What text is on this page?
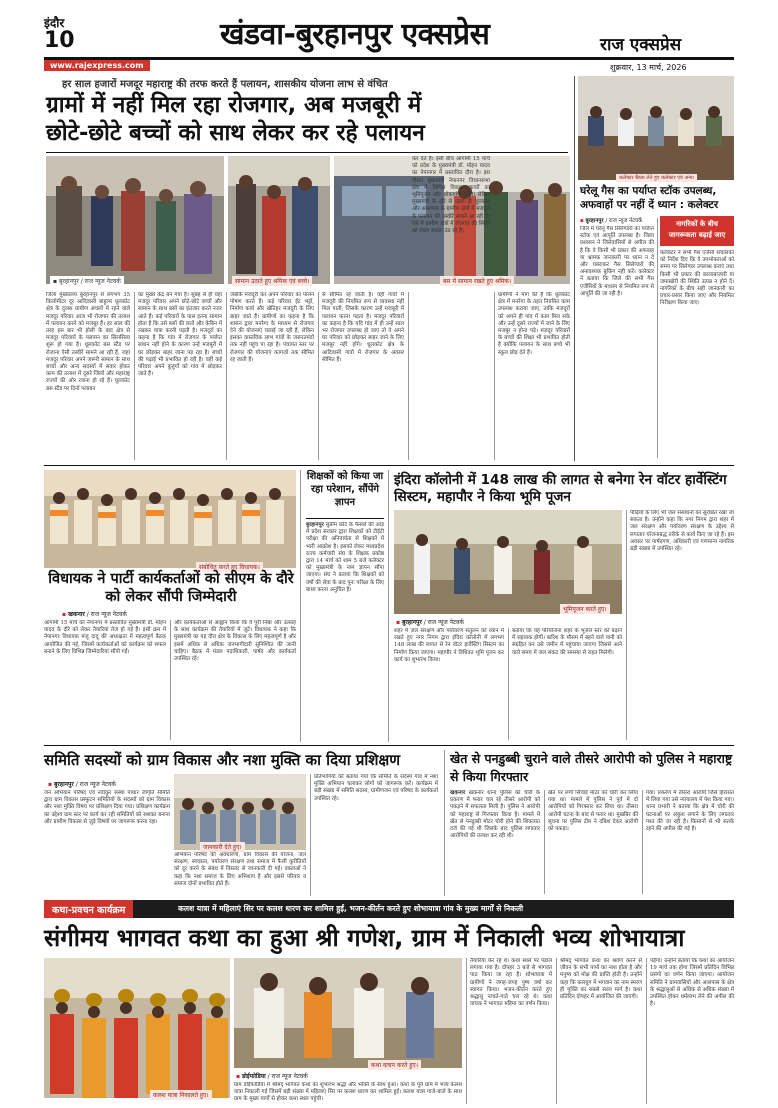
इंदौर
10	खंडवा-बुरहानपुर एक्सप्रेस	राज एक्सप्रेस
www.rajexpress.com	शुक्रवार, 13 मार्च, 2026
हर साल हजारों मजदूर महाराष्ट्र की तरफ करते हैं पलायन, शासकीय योजना लाभ से वंचित
ग्रामों में नहीं मिल रहा रोजगार, अब मजबूरी में
छोटे-छोटे बच्चों को साथ लेकर कर रहे पलायन
▪ बुरहानपुर / राज न्यूज नेटवर्क	सामान उठाते हुए श्रमिक एवं बच्चे।	बस में सामान रखते हुए श्रमिक।
जिला मुख्यालय बुरहानपुर से लगभग 35 किलोमीटर दूर आदिवासी बाहुल्य धूलकोट क्षेत्र के दुरस्थ ग्रामीण अंचलों में रहने वाले मजदूर परिवार आज भी रोजगार की तलाश में पलायन करने को मजबूर हैं। हर साल की तरह इस बार भी होली के बाद क्षेत्र से मजदूर परिवारों के पलायन का सिलसिला शुरू हो गया है। धूलकोट बस स्टैंड पर रोजाना ऐसी तस्वीरें सामने आ रही हैं, जहां मजदूर परिवार अपने जरूरी सामान के साथ बच्चों और अन्य सदस्यों में सवार होकर काम की तलाश में दूसरे जिलों और महाराष्ट्र राज्यों की ओर रवाना हो रहे हैं। धूलकोट बस स्टैंड पर दिनों पलायन
का मुख्य केंद्र बन गया है। सुबह से ही यहां मजदूर परिवार अपने छोटे-छोटे बच्चों और सामान के साथ बसों का इंतजार करते नजर आते हैं। कई परिवारों के पास इतना सामान होता है कि उसे बसों की छतों और केबिन में रखकर यात्रा करनी पड़ती है। मजदूरों का कहना है कि गांव में रोजगार के पर्याप्त साधन नहीं होने के कारण उन्हें मजबूरी में घर छोड़कर बाहर जाना पड़ रहा है। बच्चों की पढ़ाई भी प्रभावित हो रही है। वहीं कई परिवार अपने बुजुर्गों को गांव में छोड़कर जाते हैं।
जबकि मजदूरी कर अपने परिवार का पालन पोषण करते हैं। कई परिवार ईंट भट्टों, निर्माण कार्य और खेतिहर मजदूरी के लिए बाहर जाते हैं। ग्रामीणों का कहना है कि शासन द्वारा मनरेगा के माध्यम से रोजगार देने की योजनाएं चलाई जा रही हैं, लेकिन इसका वास्तविक लाभ गांवों के जरूरतमंदों तक नहीं पहुंच पा रहा है। पंचायत स्तर पर रोजगार की योजनाएं कागजों तक सीमित रह जाती हैं।
से सीमित रह जाती हैं। वहीं गांवों में मजदूरी की नियमित रूप से व्यवस्था नहीं मिल पाती, जिसके कारण उन्हें मजबूरी में पलायन करना पड़ता है। मजदूर परिवारों का कहना है कि यदि गांव में ही उन्हें साल भर रोजगार उपलब्ध हो जाए तो वे अपने घर परिवार को छोड़कर बाहर जाने के लिए मजबूर नहीं होंगे। धूलकोट क्षेत्र के आदिवासी गांवों में रोजगार के अवसर सीमित हैं।
कर देते हैं। इसी बीच आगामी 15 मार्च को प्रदेश के मुख्यमंत्री डॉ. मोहन यादव का नेपानगर में प्रस्तावित दौरा है। इस दौरान मुख्यमंत्री नेपानगर विधानसभा क्षेत्र में विभिन्न विकास कार्यों का भूमिपूजन और लोकार्पण करेंगे। लेकिन मुख्यमंत्री के दौरे से पहले ही धूलकोट और आसपास के ग्रामीण क्षेत्रों में मजदूरों के पलायन की तस्वीरें सामने आ रही हैं। ऐसे में ग्रामीण क्षेत्रों में रोजगार की स्थिति को लेकर सवाल उठ रहे हैं।
ग्रामीणों ने मांग की है कि धूलकोट क्षेत्र में मनरेगा के तहत नियमित काम उपलब्ध कराया जाए, ताकि मजदूरों को अपने ही गांव में काम मिल सके और उन्हें दूसरे राज्यों में जाने के लिए मजबूर न होना पड़े। मजदूर परिवारों के बच्चों की शिक्षा भी प्रभावित होती है क्योंकि पलायन के साथ बच्चे भी स्कूल छोड़ देते हैं।
कलेक्टर बैठक लेते हुए कलेक्टर एवं अन्य।
घरेलू गैस का पर्याप्त स्टॉक उपलब्ध, अफवाहों पर नहीं दें ध्यान : कलेक्टर
▪ बुरहानपुर / राज न्यूज नेटवर्क
जिले में घरेलू गैस सिलेण्डरों का पर्याप्त स्टॉक एवं आपूर्ति उपलब्ध है। जिला प्रशासन ने जिलेवासियों से अपील की है कि वे किसी भी प्रकार की अफवाह या भ्रामक जानकारी पर ध्यान न दें और घबराकर गैस सिलेण्डरों की अनावश्यक बुकिंग नहीं करें। कलेक्टर ने बताया कि जिले की सभी गैस एजेंसियों के माध्यम से नियमित रूप से आपूर्ति की जा रही है।
नागरिकों के बीच जागरूकता बढ़ाई जाए
कलेक्टर ने सभी गैस एजेंसी संचालकों को निर्देश दिए कि वे उपभोक्ताओं को समय पर सिलेण्डर उपलब्ध कराएं तथा किसी भी प्रकार की कालाबाजारी या जमाखोरी की स्थिति उत्पन्न न होने दें। नागरिकों के बीच सही जानकारी का प्रचार-प्रसार किया जाए और नियमित निरीक्षण किया जाए।
संबोधित करते हुए विधायक।
विधायक ने पार्टी कार्यकर्ताओं को सीएम के दौरे को लेकर सौंपी जिम्मेदारी
▪ खकनार / राज न्यूज नेटवर्क
आगामी 15 मार्च को नेपानगर में प्रस्तावित मुख्यमंत्री डॉ. मोहन यादव के दौरे को लेकर तैयारियां तेज हो गई हैं। इसी क्रम में नेपानगर विधायक मंजू दादू की अध्यक्षता में महत्वपूर्ण बैठक आयोजित की गई, जिसमें कार्यकर्ताओं को कार्यक्रम को सफल बनाने के लिए विभिन्न जिम्मेदारियां सौंपी गईं।
और कार्यकर्ताओं से आह्वान किया कि वे पूरी निष्ठा और उत्साह के साथ कार्यक्रम की तैयारियों में जुटें। विधायक ने कहा कि मुख्यमंत्री का यह दौरा क्षेत्र के विकास के लिए महत्वपूर्ण है और इसमें अधिक से अधिक जनभागीदारी सुनिश्चित की जानी चाहिए। बैठक में मंडल पदाधिकारी, पार्षद और कार्यकर्ता उपस्थित रहे।
शिक्षकों को किया जा रहा परेशान, सौंपेंगे ज्ञापन
बुरहानपुर सुप्रीम कोर्ट के फैसले की आड़ में प्रदेश सरकार द्वारा शिक्षकों को टीईटी परीक्षा की अनिवार्यता से शिक्षकों में भारी आक्रोश है। इसको लेकर मध्यप्रदेश राज्य कर्मचारी संघ के शिक्षक प्रकोष्ठ द्वारा 14 मार्च को शाम 5 बजे कलेक्टर को मुख्यमंत्री के नाम ज्ञापन सौंपा जाएगा। संघ ने बताया कि शिक्षकों को वर्षों की सेवा के बाद पुनः परीक्षा के लिए बाध्य करना अनुचित है।
इंदिरा कॉलोनी में 148 लाख की लागत से बनेगा रेन वॉटर हार्वेस्टिंग सिस्टम, महापौर ने किया भूमि पूजन
भूमिपूजन करते हुए।
▪ बुरहानपुर / राज न्यूज नेटवर्क
शहर में जल संरक्षण और पर्यावरण संतुलन को ध्यान में रखते हुए नगर निगम द्वारा इंदिरा कॉलोनी में लगभग 148 लाख की लागत से रेन वॉटर हार्वेस्टिंग सिस्टम का निर्माण किया जाएगा। महापौर ने विधिवत भूमि पूजन कर कार्य का शुभारंभ किया।
बताया कि यह परियोजना शहर के भूजल स्तर को बढ़ाने में सहायक होगी। बारिश के मौसम में बहने वाले पानी को संग्रहित कर उसे जमीन में पहुंचाया जाएगा जिससे आने वाले समय में जल संकट की समस्या से राहत मिलेगी।
पीढ़ियों के लिए भी जल संसाधनों को सुरक्षित रखा जा सकता है। उन्होंने कहा कि नगर निगम द्वारा शहर में जल संरक्षण और पर्यावरण संरक्षण के उद्देश्य से लगातार योजनाबद्ध तरीके से कार्य किए जा रहे हैं। इस अवसर पर पार्षदगण, अधिकारी एवं गणमान्य नागरिक बड़ी संख्या में उपस्थित रहे।
समिति सदस्यों को ग्राम विकास और नशा मुक्ति का दिया प्रशिक्षण
▪ बुरहानपुर / राज न्यूज नेटवर्क
जन अभियान परिषद एवं नवांकुर संस्था पांधार जागृति समिति द्वारा ग्राम विकास प्रस्फुटन समितियों के सदस्यों को ग्राम विकास और नशा मुक्ति विषय पर प्रशिक्षण दिया गया। प्रशिक्षण कार्यक्रम का उद्देश्य ग्राम स्तर पर कार्य कर रही समितियों को सशक्त बनाना और ग्रामीण विकास से जुड़े विषयों पर जागरूक करना रहा।
जानकारी देते हुए।
अभियान परिषद की अवधारणा, ग्राम विकास की योजना, जल संरक्षण, स्वच्छता, पर्यावरण संरक्षण तथा समाज में फैली कुरीतियों को दूर करने के संबंध में विस्तार से जानकारी दी गई। वक्ताओं ने कहा कि नशा समाज के लिए अभिशाप है और इससे परिवार व समाज दोनों प्रभावित होते हैं।
प्रतिभागियों को बताया गया कि समिति के सदस्य गांव में नशा मुक्ति अभियान चलाकर लोगों को जागरूक करें। कार्यक्रम में बड़ी संख्या में समिति सदस्य, ग्रामीणजन एवं परिषद के कार्यकर्ता उपस्थित रहे।
खेत से पनडुब्बी चुराने वाले तीसरे आरोपी को पुलिस ने महाराष्ट्र से किया गिरफ्तार
खकनार खकनार थाना पुलिस को चोरी के प्रकरण में फरार चल रहे तीसरे आरोपी को पकड़ने में सफलता मिली है। पुलिस ने आरोपी को महाराष्ट्र से गिरफ्तार किया है। मामले में खेत से पनडुब्बी मोटर चोरी होने की शिकायत दर्ज की गई थी जिसके बाद पुलिस लगातार आरोपियों की तलाश कर रही थी।
खेत पर लगी सिंचाई मोटर को चोरी कर लिया गया था। मामले में पुलिस ने पूर्व में दो आरोपियों को गिरफ्तार कर लिया था। तीसरा आरोपी घटना के बाद से फरार था। मुखबिर की सूचना पर पुलिस टीम ने दबिश देकर आरोपी को पकड़ा।
गया। प्रकरण में तीसरा आरोपी जिसे हिरासत में लिया गया उसे न्यायालय में पेश किया गया। थाना प्रभारी ने बताया कि क्षेत्र में चोरी की घटनाओं पर अंकुश लगाने के लिए लगातार गश्त की जा रही है। किसानों से भी सतर्क रहने की अपील की गई है।
कथा-प्रवचन कार्यक्रम	कलश यात्रा में महिलाएं सिर पर कलश धारण कर शामिल हुईं, भजन-कीर्तन करते हुए शोभायात्रा गांव के मुख्य मार्गों से निकली
संगीमय भागवत कथा का हुआ श्री गणेश, ग्राम में निकाली भव्य शोभायात्रा
कलश यात्रा निकालते हुए।
कथा वाचन करते हुए।
▪ डोईफोडिया / राज न्यूज नेटवर्क
ग्राम डोईफोडिया में श्रीमद् भागवत कथा का शुभारंभ श्रद्धा और भक्ति के साथ हुआ। कथा के पूर्व ग्राम में भव्य कलश यात्रा निकाली गई जिसमें बड़ी संख्या में महिलाएं सिर पर कलश धारण कर शामिल हुईं। कलश यात्रा गाजे-बाजे के साथ ग्राम के मुख्य मार्गों से होकर कथा स्थल पहुंची।
तैयारियां कर रहे थे। कथा स्थल पर पंडाल लगाया गया है। दोपहर 3 बजे से भागवत पाठ किया जा रहा है। शोभायात्रा में ग्रामीणों ने जगह-जगह पुष्प वर्षा कर स्वागत किया। भजन-कीर्तन करते हुए श्रद्धालु नाचते-गाते चल रहे थे। कथा वाचक ने भागवत महिमा का वर्णन किया।
श्रीमद् भागवत कथा का श्रवण करने से जीवन के सभी पापों का नाश होता है और मनुष्य को मोक्ष की प्राप्ति होती है। उन्होंने कहा कि कलयुग में भगवान का नाम स्मरण ही मुक्ति का सबसे सरल मार्ग है। कथा प्रतिदिन दोपहर में आयोजित की जाएगी।
पड़ेगा। उन्होंने बताया कि कथा का आयोजन 19 मार्च तक होगा जिसमें प्रतिदिन विभिन्न प्रसंगों का वर्णन किया जाएगा। आयोजन समिति ने ग्रामवासियों और आसपास के क्षेत्र के श्रद्धालुओं से अधिक से अधिक संख्या में उपस्थित होकर धर्मलाभ लेने की अपील की है।
